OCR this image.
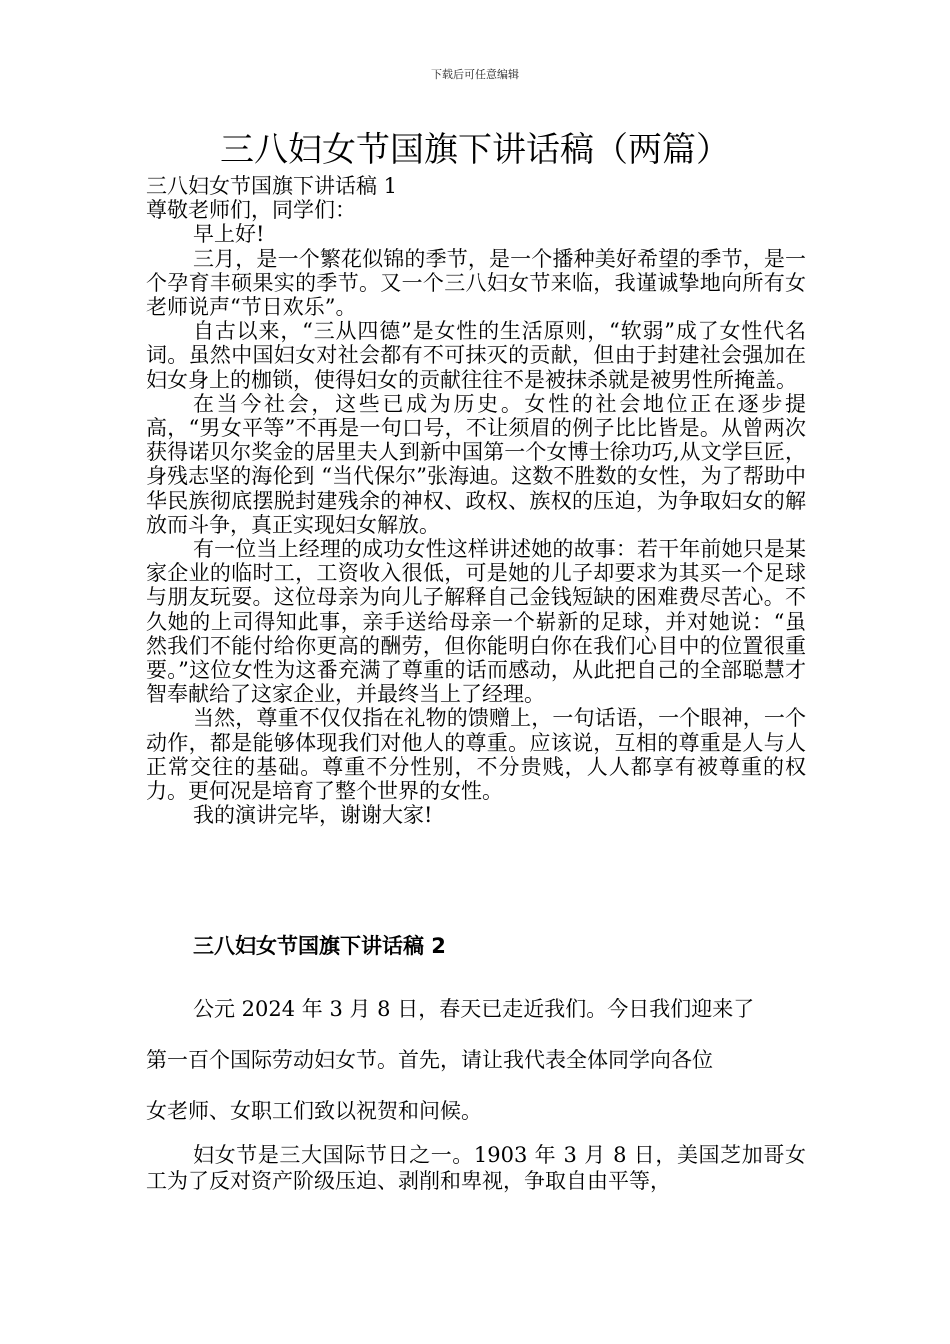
下载后可任意编辑
三八妇女节国旗下讲话稿（两篇）

三八妇女节国旗下讲话稿 1

尊敬老师们，同学们：

早上好!

三月，是一个繁花似锦的季节，是一个播种美好希望的季节，是一个孕育丰硕果实的季节。又一个三八妇女节来临，我谨诚挚地向所有女老师说声“节日欢乐”。

自古以来，“三从四德”是女性的生活原则，“软弱”成了女性代名词。虽然中国妇女对社会都有不可抹灭的贡献，但由于封建社会强加在妇女身上的枷锁，使得妇女的贡献往往不是被抹杀就是被男性所掩盖。

在当今社会，这些已成为历史。女性的社会地位正在逐步提高，“男女平等”不再是一句口号，不让须眉的例子比比皆是。从曾两次获得诺贝尔奖金的居里夫人到新中国第一个女博士徐功巧,从文学巨匠，身残志坚的海伦到 “当代保尔”张海迪。这数不胜数的女性，为了帮助中华民族彻底摆脱封建残余的神权、政权、族权的压迫，为争取妇女的解放而斗争，真正实现妇女解放。

有一位当上经理的成功女性这样讲述她的故事：若干年前她只是某家企业的临时工，工资收入很低，可是她的儿子却要求为其买一个足球与朋友玩耍。这位母亲为向儿子解释自己金钱短缺的困难费尽苦心。不久她的上司得知此事，亲手送给母亲一个崭新的足球，并对她说：“虽然我们不能付给你更高的酬劳，但你能明白你在我们心目中的位置很重要。”这位女性为这番充满了尊重的话而感动，从此把自己的全部聪慧才智奉献给了这家企业，并最终当上了经理。

当然，尊重不仅仅指在礼物的馈赠上，一句话语，一个眼神，一个动作，都是能够体现我们对他人的尊重。应该说，互相的尊重是人与人正常交往的基础。尊重不分性别，不分贵贱，人人都享有被尊重的权力。更何况是培育了整个世界的女性。

我的演讲完毕，谢谢大家!

三八妇女节国旗下讲话稿 2

公元 2024 年 3 月 8 日，春天已走近我们。今日我们迎来了

第一百个国际劳动妇女节。首先，请让我代表全体同学向各位

女老师、女职工们致以祝贺和问候。

妇女节是三大国际节日之一。1903 年 3 月 8 日，美国芝加哥女工为了反对资产阶级压迫、剥削和卑视，争取自由平等，
